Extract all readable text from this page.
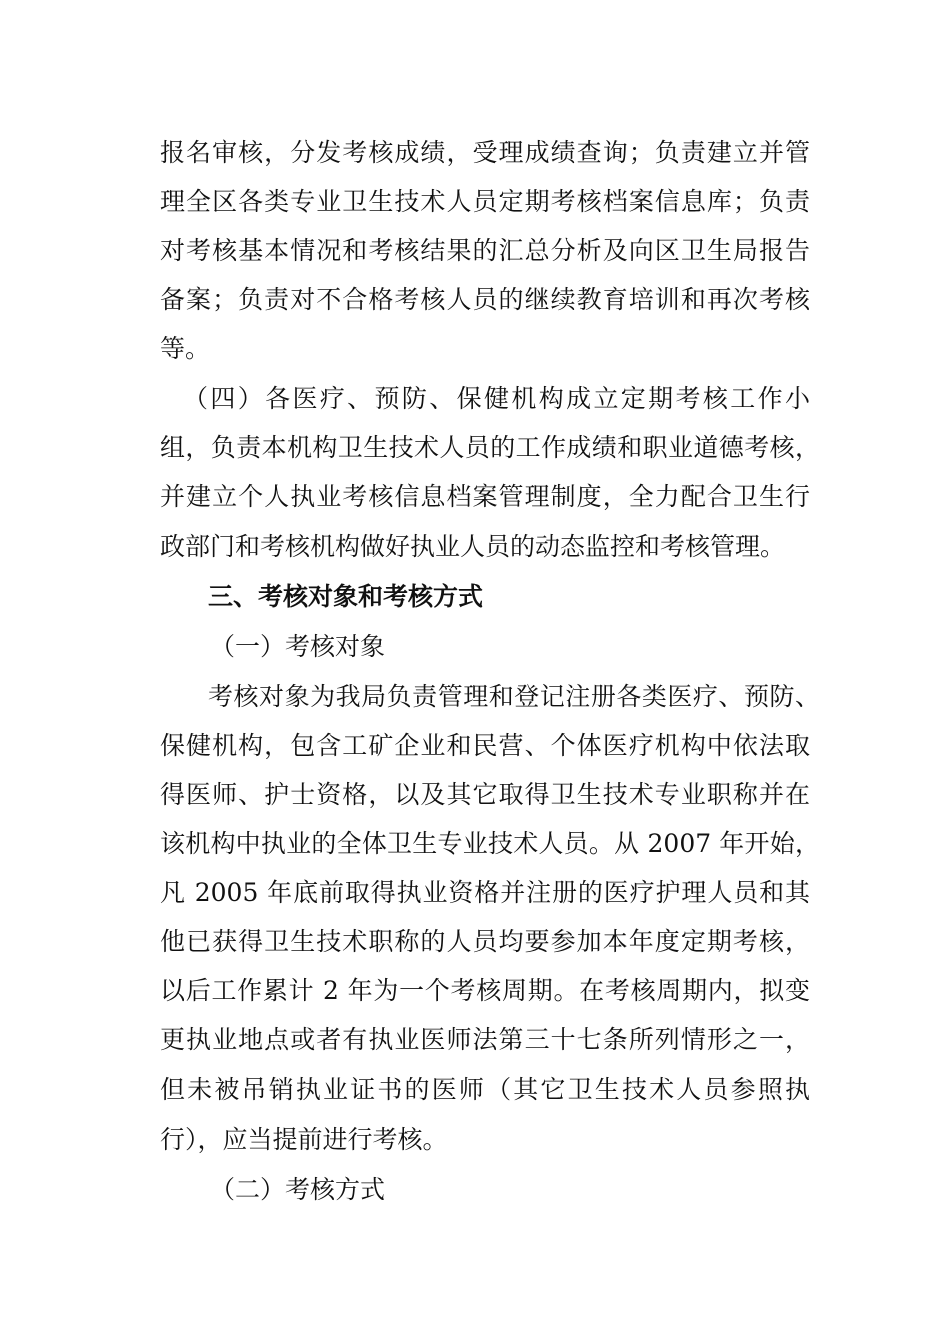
报名审核，分发考核成绩，受理成绩查询；负责建立并管
理全区各类专业卫生技术人员定期考核档案信息库；负责
对考核基本情况和考核结果的汇总分析及向区卫生局报告
备案；负责对不合格考核人员的继续教育培训和再次考核
等。
（四）各医疗、预防、保健机构成立定期考核工作小
组，负责本机构卫生技术人员的工作成绩和职业道德考核，
并建立个人执业考核信息档案管理制度，全力配合卫生行
政部门和考核机构做好执业人员的动态监控和考核管理。
三、考核对象和考核方式
（一）考核对象
考核对象为我局负责管理和登记注册各类医疗、预防、
保健机构，包含工矿企业和民营、个体医疗机构中依法取
得医师、护士资格，以及其它取得卫生技术专业职称并在
该机构中执业的全体卫生专业技术人员。从 2007 年开始，
凡 2005 年底前取得执业资格并注册的医疗护理人员和其
他已获得卫生技术职称的人员均要参加本年度定期考核，
以后工作累计 2 年为一个考核周期。在考核周期内，拟变
更执业地点或者有执业医师法第三十七条所列情形之一，
但未被吊销执业证书的医师（其它卫生技术人员参照执
行），应当提前进行考核。
（二）考核方式
